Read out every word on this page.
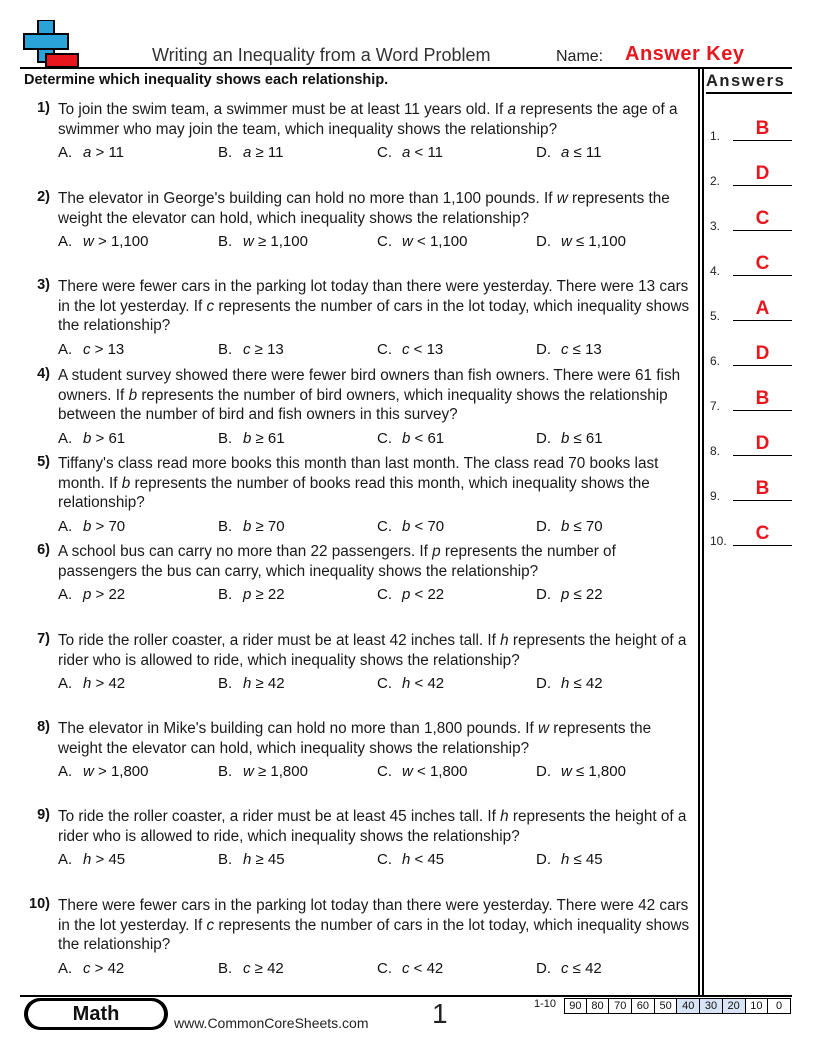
Writing an Inequality from a Word Problem	Name: Answer Key
Determine which inequality shows each relationship.	Answers
1) To join the swim team, a swimmer must be at least 11 years old. If a represents the age of a swimmer who may join the team, which inequality shows the relationship?
A. a > 11	B. a ≥ 11	C. a < 11	D. a ≤ 11
2) The elevator in George's building can hold no more than 1,100 pounds. If w represents the weight the elevator can hold, which inequality shows the relationship?
A. w > 1,100	B. w ≥ 1,100	C. w < 1,100	D. w ≤ 1,100
3) There were fewer cars in the parking lot today than there were yesterday. There were 13 cars in the lot yesterday. If c represents the number of cars in the lot today, which inequality shows the relationship?
A. c > 13	B. c ≥ 13	C. c < 13	D. c ≤ 13
4) A student survey showed there were fewer bird owners than fish owners. There were 61 fish owners. If b represents the number of bird owners, which inequality shows the relationship between the number of bird and fish owners in this survey?
A. b > 61	B. b ≥ 61	C. b < 61	D. b ≤ 61
5) Tiffany's class read more books this month than last month. The class read 70 books last month. If b represents the number of books read this month, which inequality shows the relationship?
A. b > 70	B. b ≥ 70	C. b < 70	D. b ≤ 70
6) A school bus can carry no more than 22 passengers. If p represents the number of passengers the bus can carry, which inequality shows the relationship?
A. p > 22	B. p ≥ 22	C. p < 22	D. p ≤ 22
7) To ride the roller coaster, a rider must be at least 42 inches tall. If h represents the height of a rider who is allowed to ride, which inequality shows the relationship?
A. h > 42	B. h ≥ 42	C. h < 42	D. h ≤ 42
8) The elevator in Mike's building can hold no more than 1,800 pounds. If w represents the weight the elevator can hold, which inequality shows the relationship?
A. w > 1,800	B. w ≥ 1,800	C. w < 1,800	D. w ≤ 1,800
9) To ride the roller coaster, a rider must be at least 45 inches tall. If h represents the height of a rider who is allowed to ride, which inequality shows the relationship?
A. h > 45	B. h ≥ 45	C. h < 45	D. h ≤ 45
10) There were fewer cars in the parking lot today than there were yesterday. There were 42 cars in the lot yesterday. If c represents the number of cars in the lot today, which inequality shows the relationship?
A. c > 42	B. c ≥ 42	C. c < 42	D. c ≤ 42
1.	B
2.	D
3.	C
4.	C
5.	A
6.	D
7.	B
8.	D
9.	B
10.	C
Math	www.CommonCoreSheets.com 1	1-10	90 80 70 60 50 40 30 20 10	0
